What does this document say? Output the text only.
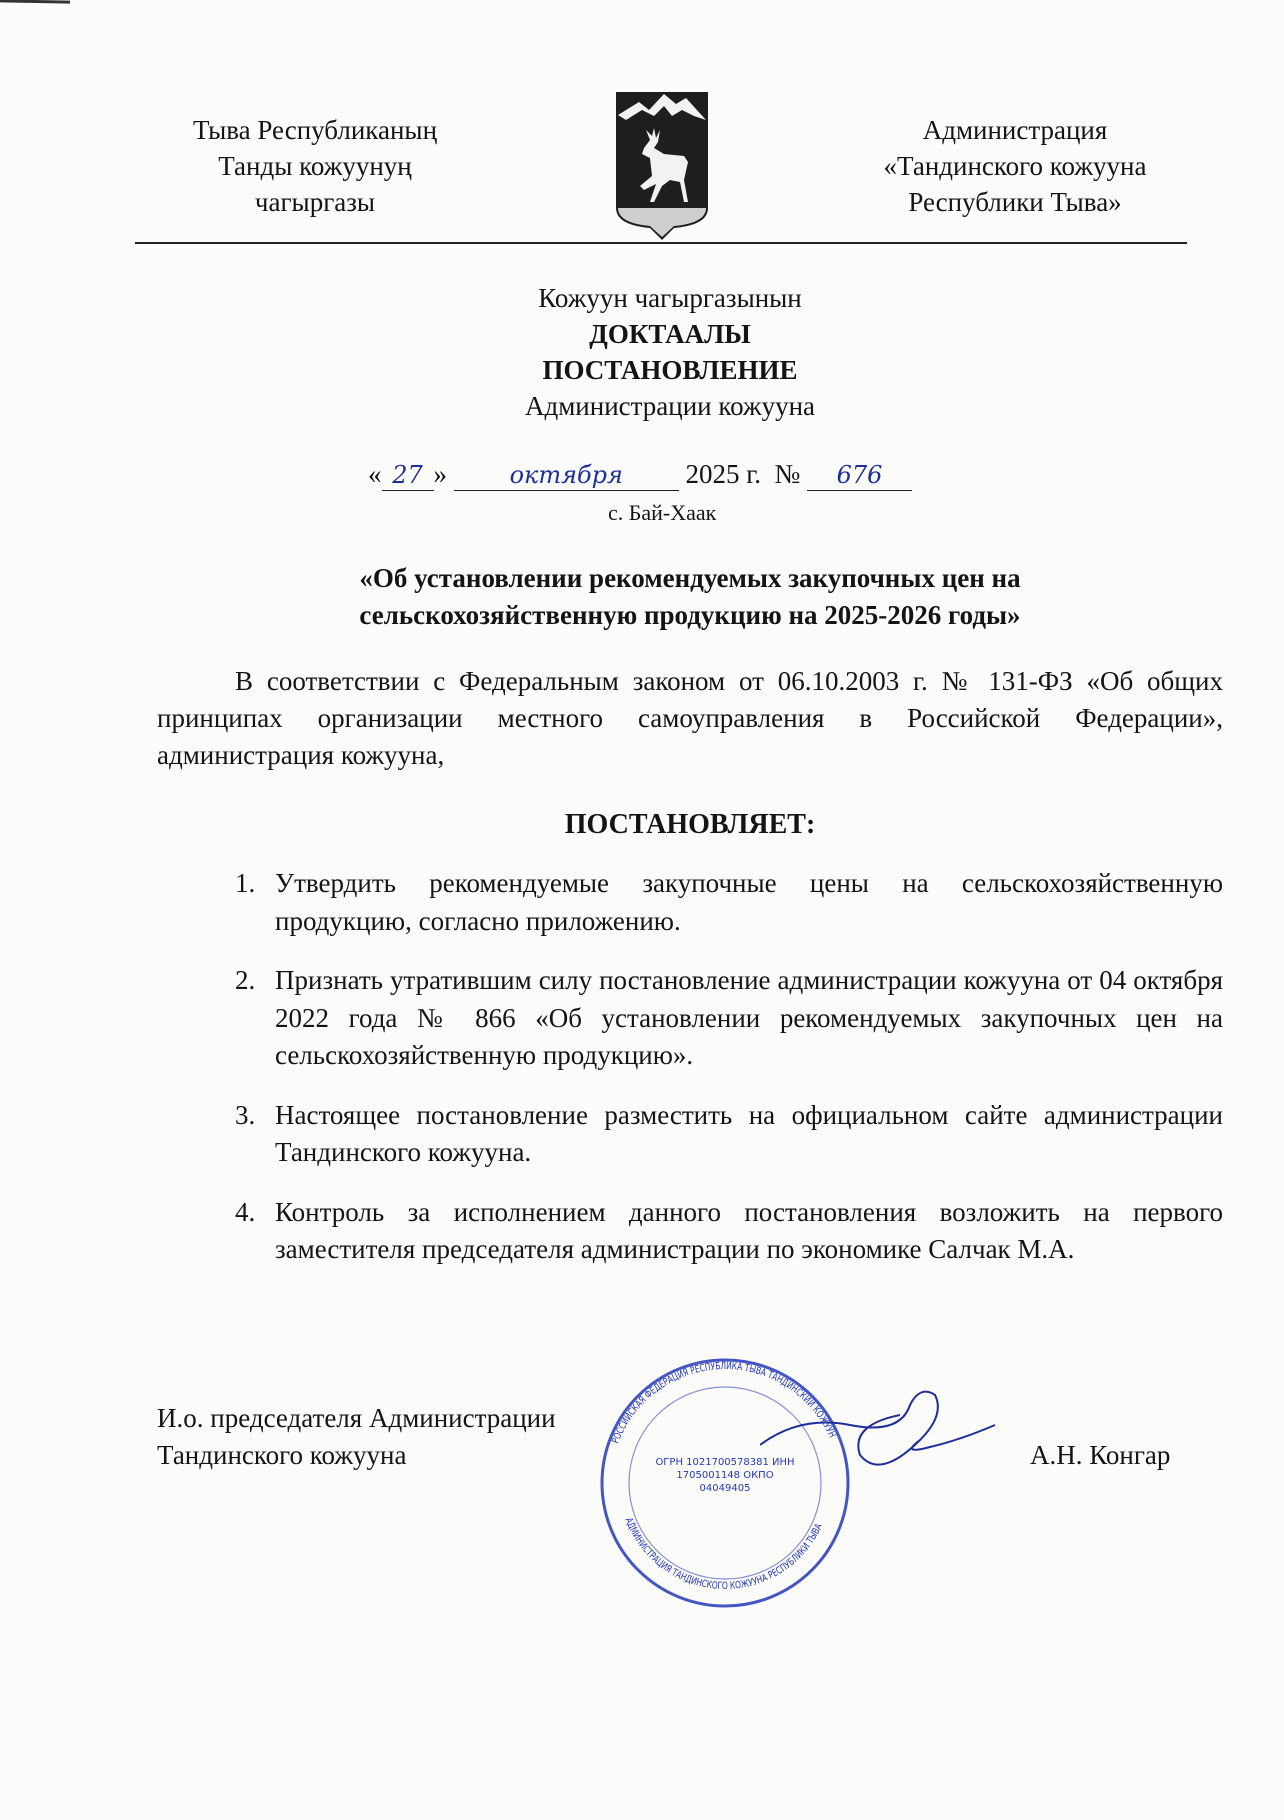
Тыва Республиканың
Танды кожуунуң
чагыргазы
Администрация
«Тандинского кожууна
Республики Тыва»
Кожуун чагыргазынын
ДОКТААЛЫ
ПОСТАНОВЛЕНИЕ
Администрации кожууна
« 27 »	октября 2025 г. № 676
с. Бай-Хаак
«Об установлении рекомендуемых закупочных цен на
сельскохозяйственную продукцию на 2025-2026 годы»
В соответствии с Федеральным законом от 06.10.2003 г. № 131-ФЗ «Об общих принципах организации местного самоуправления в Российской Федерации», администрация кожууна,
ПОСТАНОВЛЯЕТ:
1. Утвердить рекомендуемые закупочные цены на сельскохозяйственную продукцию, согласно приложению.
2. Признать утратившим силу постановление администрации кожууна от 04 октября 2022 года № 866 «Об установлении рекомендуемых закупочных цен на сельскохозяйственную продукцию».
3. Настоящее постановление разместить на официальном сайте администрации Тандинского кожууна.
4. Контроль за исполнением данного постановления возложить на первого заместителя председателя администрации по экономике Салчак М.А.
РОССИЙСКАЯ ФЕДЕРАЦИЯ РЕСПУБЛИКА ТЫВА ТАНДИНСКИЙ КОЖУУН
АДМИНИСТРАЦИЯ ТАНДИНСКОГО КОЖУУНА РЕСПУБЛИКИ ТЫВА
ОГРН 1021700578381 ИНН 1705001148 ОКПО 04049405
И.о. председателя Администрации
Тандинского кожууна	А.Н. Конгар
